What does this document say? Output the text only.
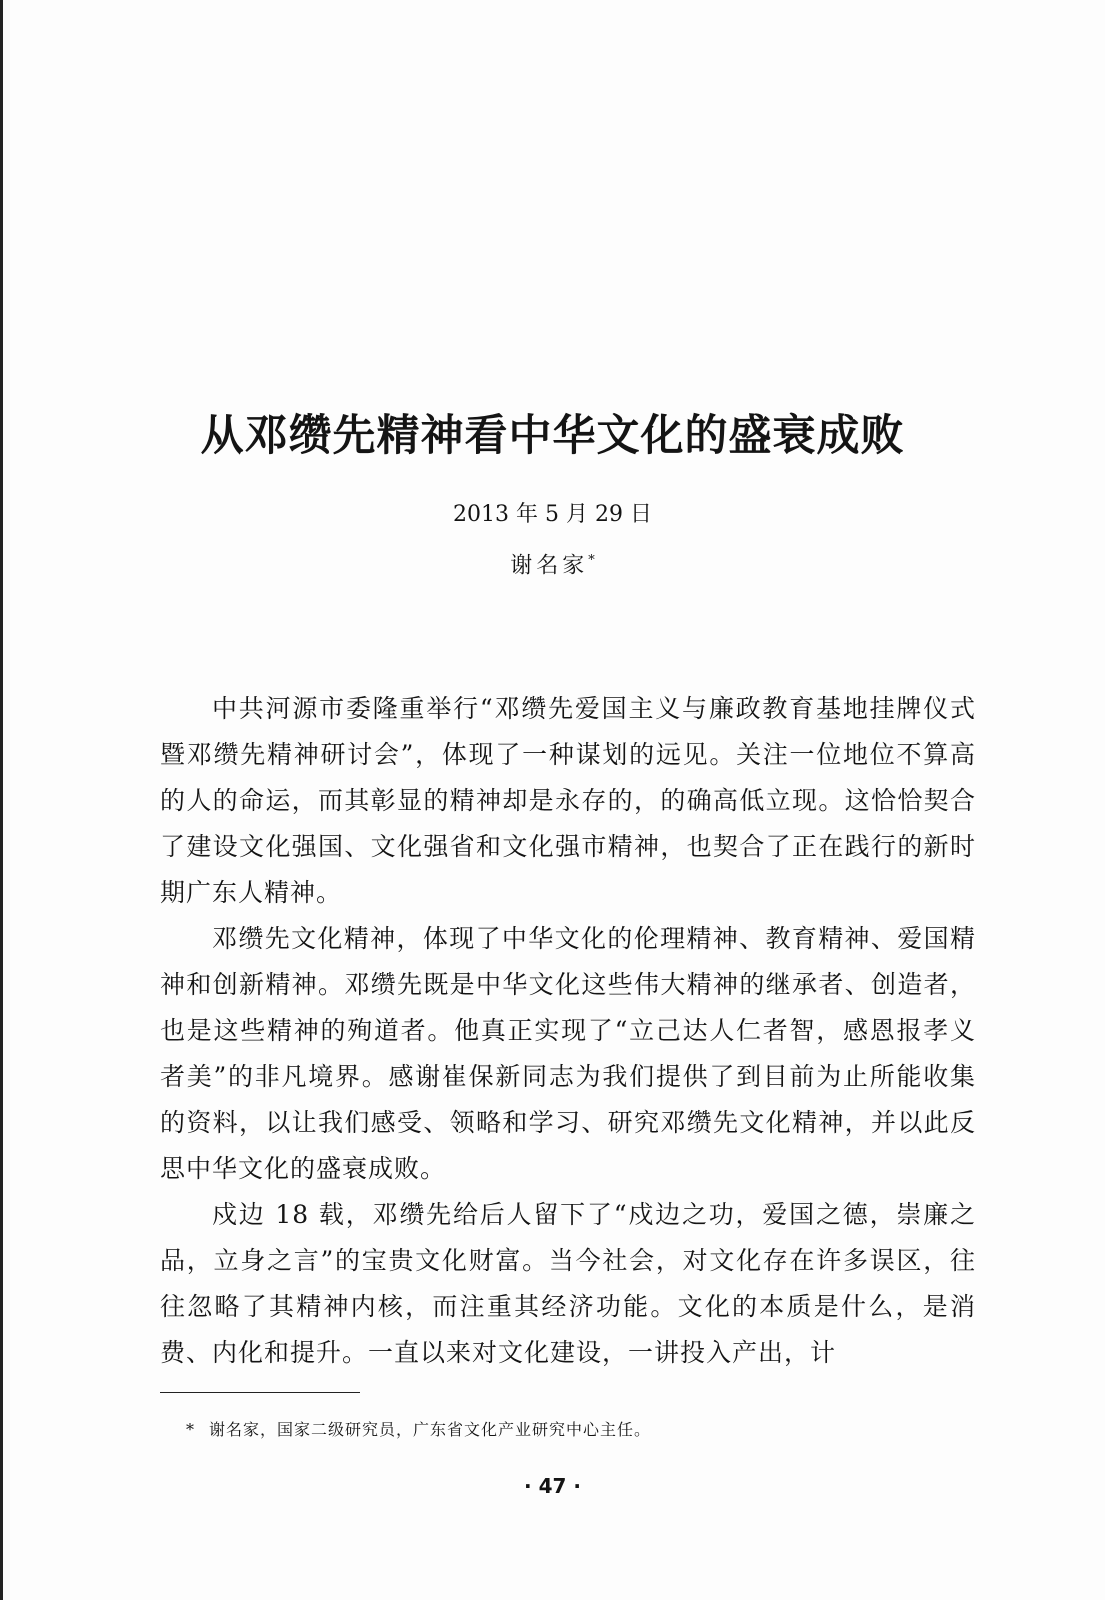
从邓缵先精神看中华文化的盛衰成败
2013 年 5 月 29 日
谢名家*

中共河源市委隆重举行“邓缵先爱国主义与廉政教育基地挂牌仪式暨邓缵先精神研讨会”，体现了一种谋划的远见。关注一位地位不算高的人的命运，而其彰显的精神却是永存的，的确高低立现。这恰恰契合了建设文化强国、文化强省和文化强市精神，也契合了正在践行的新时期广东人精神。

邓缵先文化精神，体现了中华文化的伦理精神、教育精神、爱国精神和创新精神。邓缵先既是中华文化这些伟大精神的继承者、创造者，也是这些精神的殉道者。他真正实现了“立己达人仁者智，感恩报孝义者美”的非凡境界。感谢崔保新同志为我们提供了到目前为止所能收集的资料，以让我们感受、领略和学习、研究邓缵先文化精神，并以此反思中华文化的盛衰成败。

戍边 18 载，邓缵先给后人留下了“戍边之功，爱国之德，崇廉之品，立身之言”的宝贵文化财富。当今社会，对文化存在许多误区，往往忽略了其精神内核，而注重其经济功能。文化的本质是什么，是消费、内化和提升。一直以来对文化建设，一讲投入产出，计

* 谢名家，国家二级研究员，广东省文化产业研究中心主任。
· 47 ·
